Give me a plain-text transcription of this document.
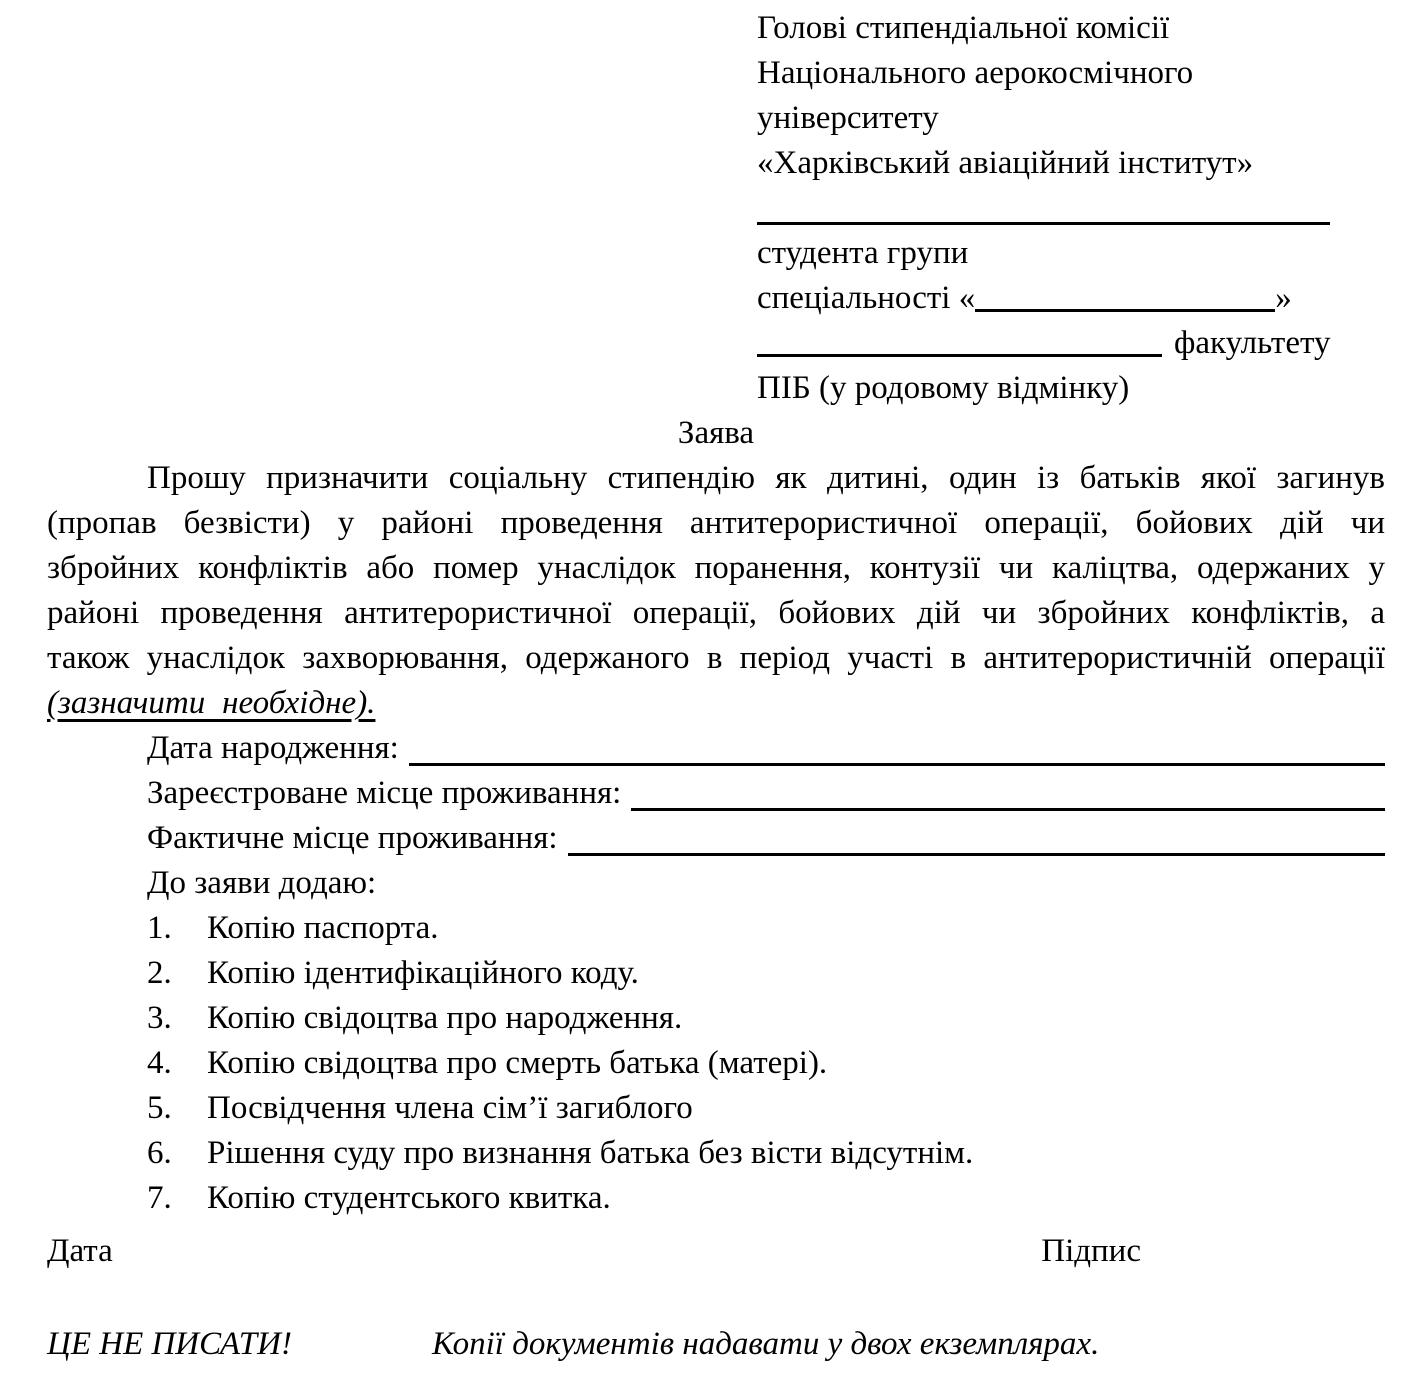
Голові стипендіальної комісії
Національного аерокосмічного
університету
«Харківський авіаційний інститут»
студента групи
спеціальності «	»
факультету
ПІБ (у родовому відмінку)
Заява

Прошу призначити соціальну стипендію як дитині, один із батьків якої загинув (пропав безвісти) у районі проведення антитерористичної операції, бойових дій чи збройних конфліктів або помер унаслідок поранення, контузії чи каліцтва, одержаних у районі проведення антитерористичної операції, бойових дій чи збройних конфліктів, а також унаслідок захворювання, одержаного в період участі в антитерористичній операції (зазначити необхідне).

Дата народження:
Зареєстроване місце проживання:
Фактичне місце проживання:
До заяви додаю:
1.	Копію паспорта.
2.	Копію ідентифікаційного коду.
3.	Копію свідоцтва про народження.
4.	Копію свідоцтва про смерть батька (матері).
5.	Посвідчення члена сім’ї загиблого
6.	Рішення суду про визнання батька без вісти відсутнім.
7.	Копію студентського квитка.
Дата	Підпис
ЦЕ НЕ ПИСАТИ!	Копії документів надавати у двох екземплярах.
